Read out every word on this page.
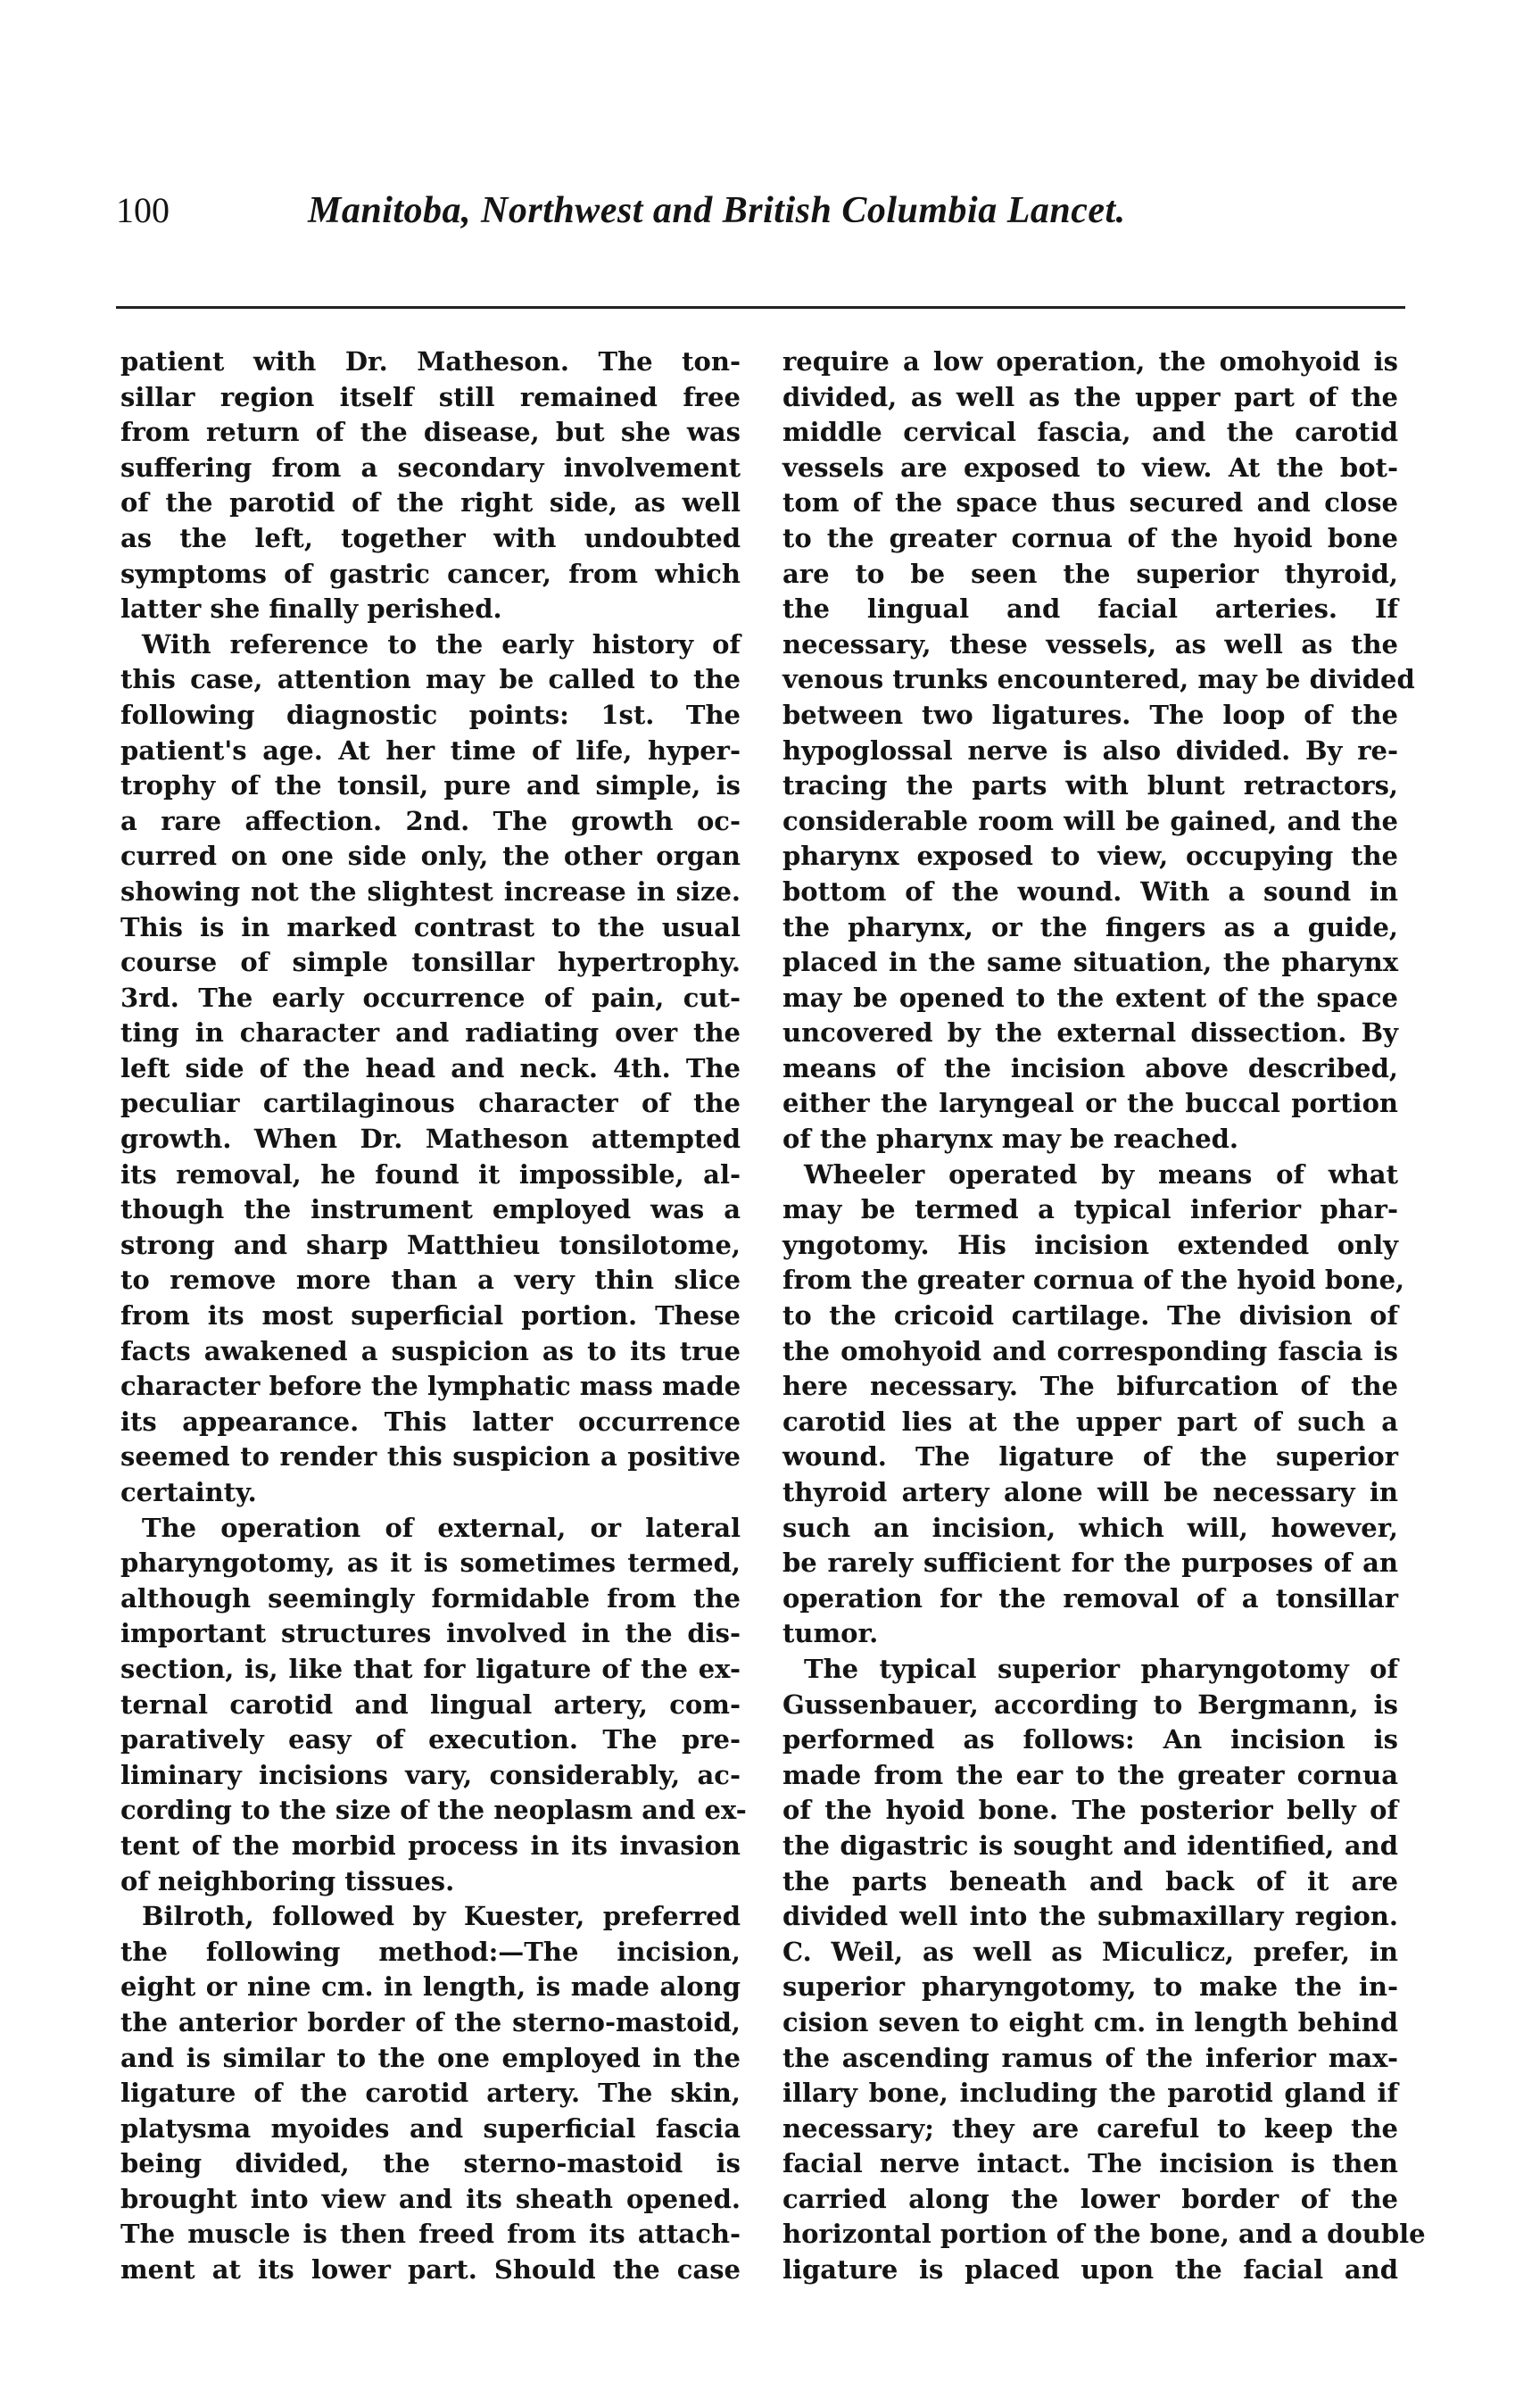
100	Manitoba, Northwest and British Columbia Lancet.
patient with Dr. Matheson. The ton-
sillar region itself still remained free
from return of the disease, but she was
suffering from a secondary involvement
of the parotid of the right side, as well
as the left, together with undoubted
symptoms of gastric cancer, from which
latter she finally perished.
With reference to the early history of
this case, attention may be called to the
following diagnostic points: 1st. The
patient's age. At her time of life, hyper-
trophy of the tonsil, pure and simple, is
a rare affection. 2nd. The growth oc-
curred on one side only, the other organ
showing not the slightest increase in size.
This is in marked contrast to the usual
course of simple tonsillar hypertrophy.
3rd. The early occurrence of pain, cut-
ting in character and radiating over the
left side of the head and neck. 4th. The
peculiar cartilaginous character of the
growth. When Dr. Matheson attempted
its removal, he found it impossible, al-
though the instrument employed was a
strong and sharp Matthieu tonsilotome,
to remove more than a very thin slice
from its most superficial portion. These
facts awakened a suspicion as to its true
character before the lymphatic mass made
its appearance. This latter occurrence
seemed to render this suspicion a positive
certainty.
The operation of external, or lateral
pharyngotomy, as it is sometimes termed,
although seemingly formidable from the
important structures involved in the dis-
section, is, like that for ligature of the ex-
ternal carotid and lingual artery, com-
paratively easy of execution. The pre-
liminary incisions vary, considerably, ac-
cording to the size of the neoplasm and ex-
tent of the morbid process in its invasion
of neighboring tissues.
Bilroth, followed by Kuester, preferred
the following method:—The incision,
eight or nine cm. in length, is made along
the anterior border of the sterno-mastoid,
and is similar to the one employed in the
ligature of the carotid artery. The skin,
platysma myoides and superficial fascia
being divided, the sterno-mastoid is
brought into view and its sheath opened.
The muscle is then freed from its attach-
ment at its lower part. Should the case
require a low operation, the omohyoid is
divided, as well as the upper part of the
middle cervical fascia, and the carotid
vessels are exposed to view. At the bot-
tom of the space thus secured and close
to the greater cornua of the hyoid bone
are to be seen the superior thyroid,
the lingual and facial arteries. If
necessary, these vessels, as well as the
venous trunks encountered, may be divided
between two ligatures. The loop of the
hypoglossal nerve is also divided. By re-
tracing the parts with blunt retractors,
considerable room will be gained, and the
pharynx exposed to view, occupying the
bottom of the wound. With a sound in
the pharynx, or the fingers as a guide,
placed in the same situation, the pharynx
may be opened to the extent of the space
uncovered by the external dissection. By
means of the incision above described,
either the laryngeal or the buccal portion
of the pharynx may be reached.
Wheeler operated by means of what
may be termed a typical inferior phar-
yngotomy. His incision extended only
from the greater cornua of the hyoid bone,
to the cricoid cartilage. The division of
the omohyoid and corresponding fascia is
here necessary. The bifurcation of the
carotid lies at the upper part of such a
wound. The ligature of the superior
thyroid artery alone will be necessary in
such an incision, which will, however,
be rarely sufficient for the purposes of an
operation for the removal of a tonsillar
tumor.
The typical superior pharyngotomy of
Gussenbauer, according to Bergmann, is
performed as follows: An incision is
made from the ear to the greater cornua
of the hyoid bone. The posterior belly of
the digastric is sought and identified, and
the parts beneath and back of it are
divided well into the submaxillary region.
C. Weil, as well as Miculicz, prefer, in
superior pharyngotomy, to make the in-
cision seven to eight cm. in length behind
the ascending ramus of the inferior max-
illary bone, including the parotid gland if
necessary; they are careful to keep the
facial nerve intact. The incision is then
carried along the lower border of the
horizontal portion of the bone, and a double
ligature is placed upon the facial and
